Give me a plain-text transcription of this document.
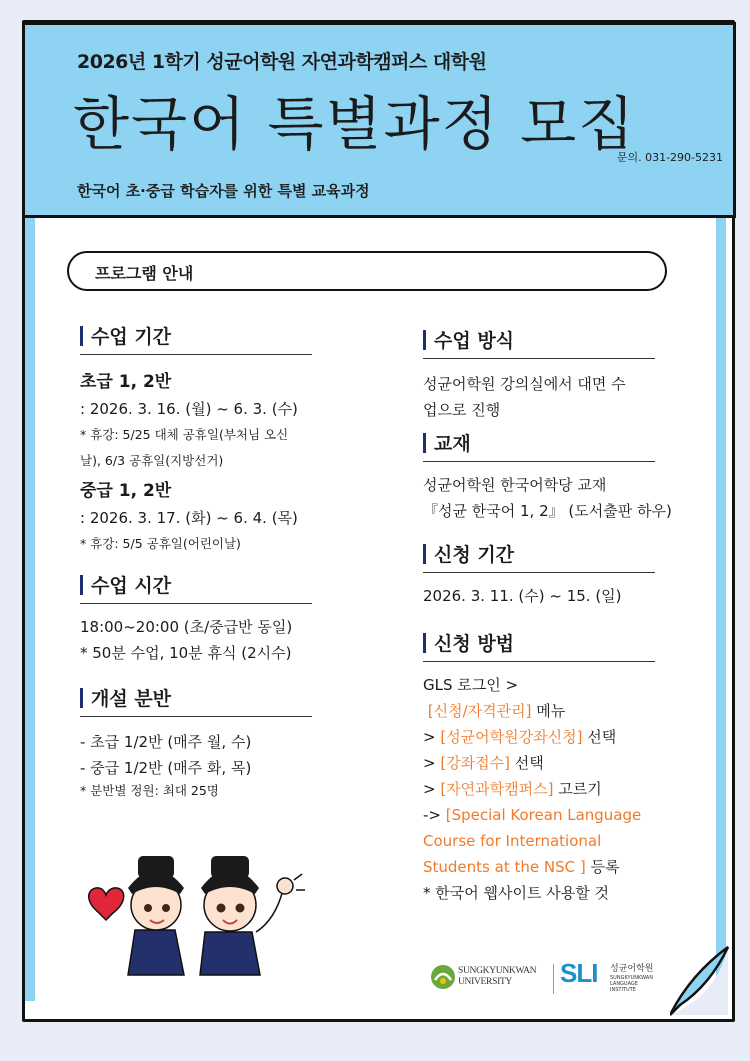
2026년 1학기 성균어학원 자연과학캠퍼스 대학원
한국어 특별과정 모집
문의. 031-290-5231
한국어 초·중급 학습자를 위한 특별 교육과정
프로그램 안내
수업 기간
초급 1, 2반
: 2026. 3. 16. (월) ~ 6. 3. (수)
* 휴강: 5/25 대체 공휴일(부처님 오신
날), 6/3 공휴일(지방선거)
중급 1, 2반
: 2026. 3. 17. (화) ~ 6. 4. (목)
* 휴강: 5/5 공휴일(어린이날)
수업 시간
18:00~20:00 (초/중급반 동일)
* 50분 수업, 10분 휴식 (2시수)
개설 분반
- 초급 1/2반 (매주 월, 수)
- 중급 1/2반 (매주 화, 목)
* 분반별 정원: 최대 25명
수업 방식
성균어학원 강의실에서 대면 수
업으로 진행
교재
성균어학원 한국어학당 교재
『성균 한국어 1, 2』 (도서출판 하우)
신청 기간
2026. 3. 11. (수) ~ 15. (일)
신청 방법
GLS 로그인 >
[신청/자격관리] 메뉴
> [성균어학원강좌신청] 선택
> [강좌접수] 선택
> [자연과학캠퍼스] 고르기
-> [Special Korean Language
Course for International
Students at the NSC ] 등록
* 한국어 웹사이트 사용할 것
SUNGKYUNKWAN
UNIVERSITY	SLI 성균어학원
SUNGKYUNKWAN
LANGUAGE INSTITUTE
